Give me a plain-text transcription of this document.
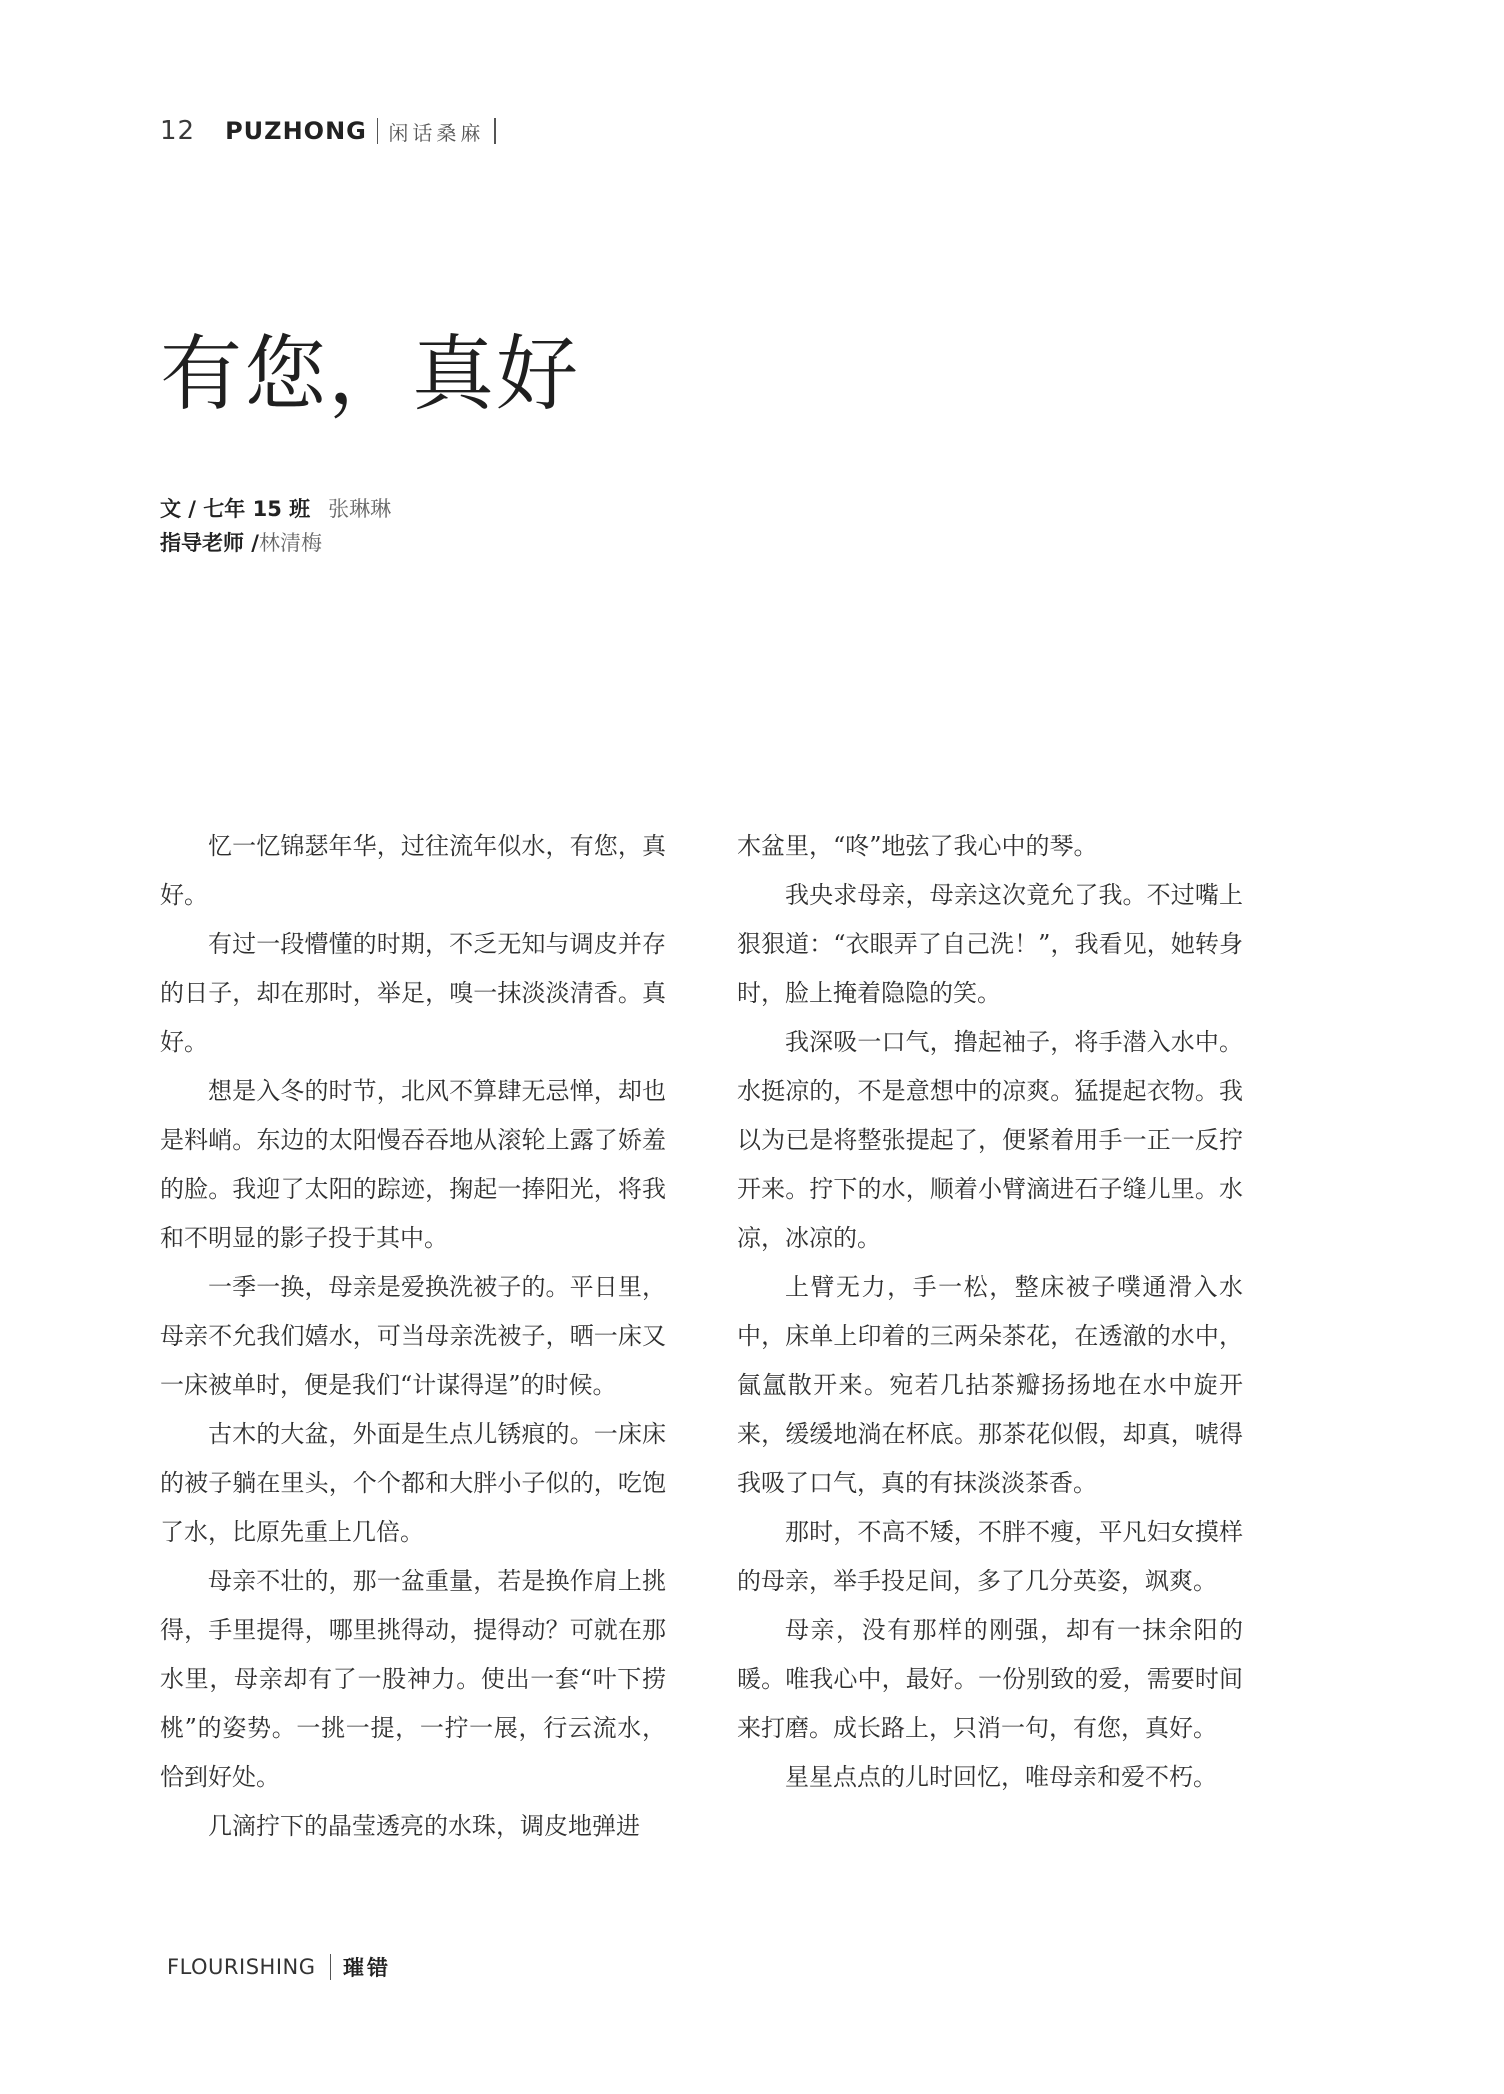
12 PUZHONG 闲话桑麻
有您，真好
文 / 七年 15 班 张琳琳
指导老师 /林清梅

忆一忆锦瑟年华，过往流年似水，有您，真好。

有过一段懵懂的时期，不乏无知与调皮并存的日子，却在那时，举足，嗅一抹淡淡清香。真好。

想是入冬的时节，北风不算肆无忌惮，却也是料峭。东边的太阳慢吞吞地从滚轮上露了娇羞的脸。我迎了太阳的踪迹，掬起一捧阳光，将我和不明显的影子投于其中。

一季一换，母亲是爱换洗被子的。平日里，母亲不允我们嬉水，可当母亲洗被子，晒一床又一床被单时，便是我们“计谋得逞”的时候。

古木的大盆，外面是生点儿锈痕的。一床床的被子躺在里头，个个都和大胖小子似的，吃饱了水，比原先重上几倍。

母亲不壮的，那一盆重量，若是换作肩上挑得，手里提得，哪里挑得动，提得动？可就在那水里，母亲却有了一股神力。使出一套“叶下捞桃”的姿势。一挑一提，一拧一展，行云流水，恰到好处。

几滴拧下的晶莹透亮的水珠，调皮地弹进

木盆里，“咚”地弦了我心中的琴。

我央求母亲，母亲这次竟允了我。不过嘴上狠狠道：“衣眼弄了自己洗！”，我看见，她转身时，脸上掩着隐隐的笑。

我深吸一口气，撸起袖子，将手潜入水中。水挺凉的，不是意想中的凉爽。猛提起衣物。我以为已是将整张提起了，便紧着用手一正一反拧开来。拧下的水，顺着小臂滴进石子缝儿里。水凉，冰凉的。

上臂无力，手一松，整床被子噗通滑入水中，床单上印着的三两朵茶花，在透澈的水中，氤氲散开来。宛若几拈茶瓣扬扬地在水中旋开来，缓缓地淌在杯底。那茶花似假，却真，唬得我吸了口气，真的有抹淡淡茶香。

那时，不高不矮，不胖不瘦，平凡妇女摸样的母亲，举手投足间，多了几分英姿，飒爽。

母亲，没有那样的刚强，却有一抹余阳的暖。唯我心中，最好。一份别致的爱，需要时间来打磨。成长路上，只消一句，有您，真好。

星星点点的儿时回忆，唯母亲和爱不朽。

FLOURISHING 璀错
